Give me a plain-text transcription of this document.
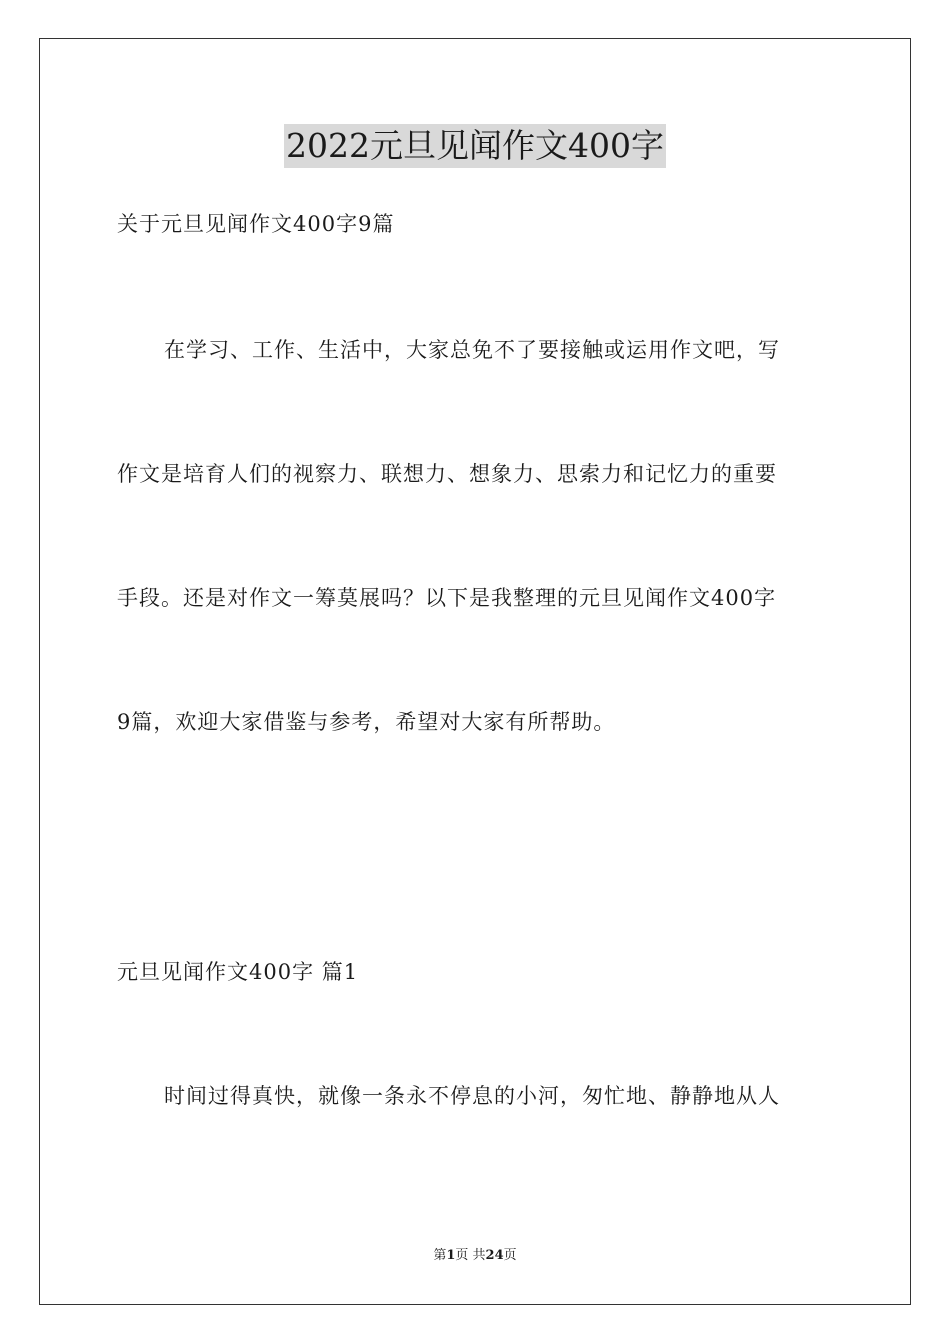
2022元旦见闻作文400字
关于元旦见闻作文400字9篇
在学习、工作、生活中，大家总免不了要接触或运用作文吧，写
作文是培育人们的视察力、联想力、想象力、思索力和记忆力的重要
手段。还是对作文一筹莫展吗？以下是我整理的元旦见闻作文400字
9篇，欢迎大家借鉴与参考，希望对大家有所帮助。
元旦见闻作文400字 篇1
时间过得真快，就像一条永不停息的小河，匆忙地、静静地从人
第1页 共24页
